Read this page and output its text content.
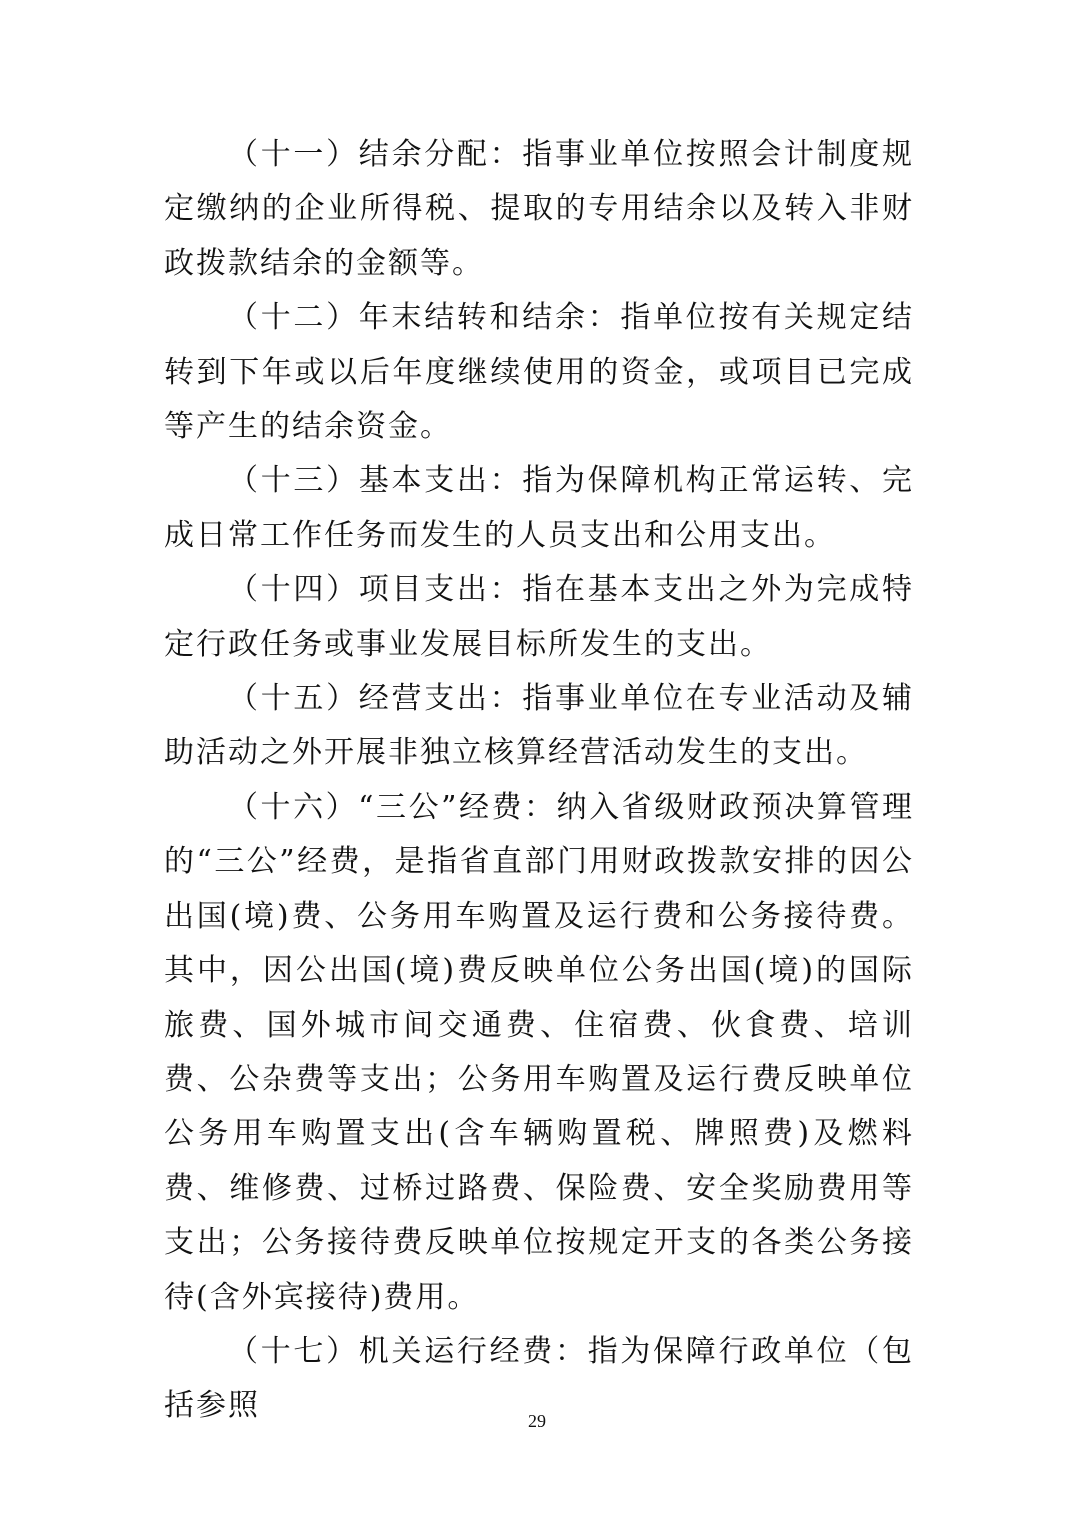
（十一）结余分配：指事业单位按照会计制度规定缴纳的企业所得税、提取的专用结余以及转入非财政拨款结余的金额等。

（十二）年末结转和结余：指单位按有关规定结转到下年或以后年度继续使用的资金，或项目已完成等产生的结余资金。

（十三）基本支出：指为保障机构正常运转、完成日常工作任务而发生的人员支出和公用支出。

（十四）项目支出：指在基本支出之外为完成特定行政任务或事业发展目标所发生的支出。

（十五）经营支出：指事业单位在专业活动及辅助活动之外开展非独立核算经营活动发生的支出。

（十六）“三公”经费：纳入省级财政预决算管理的“三公”经费，是指省直部门用财政拨款安排的因公出国(境)费、公务用车购置及运行费和公务接待费。其中，因公出国(境)费反映单位公务出国(境)的国际旅费、国外城市间交通费、住宿费、伙食费、培训费、公杂费等支出；公务用车购置及运行费反映单位公务用车购置支出(含车辆购置税、牌照费)及燃料费、维修费、过桥过路费、保险费、安全奖励费用等支出；公务接待费反映单位按规定开支的各类公务接待(含外宾接待)费用。

（十七）机关运行经费：指为保障行政单位（包括参照	29
